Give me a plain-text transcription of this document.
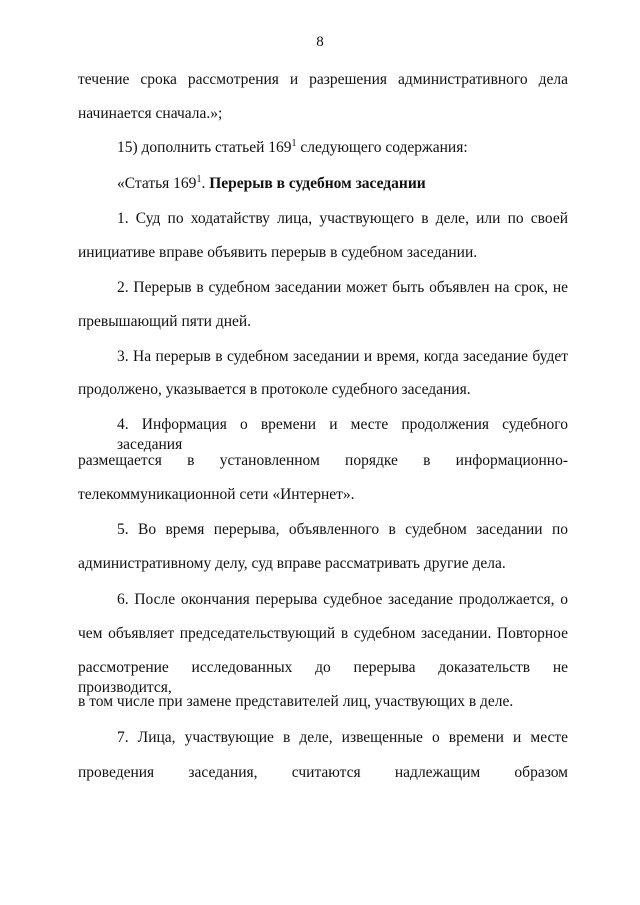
8
течение срока рассмотрения и разрешения административного дела
начинается сначала.»;
15) дополнить статьей $169^1$ следующего содержания:
«Статья $169^1$. Перерыв в судебном заседании
1. Суд по ходатайству лица, участвующего в деле, или по своей
инициативе вправе объявить перерыв в судебном заседании.
2. Перерыв в судебном заседании может быть объявлен на срок, не
превышающий пяти дней.
3. На перерыв в судебном заседании и время, когда заседание будет
продолжено, указывается в протоколе судебного заседания.
4. Информация о времени и месте продолжения судебного заседания
размещается в установленном порядке в информационно-
телекоммуникационной сети «Интернет».
5. Во время перерыва, объявленного в судебном заседании по
административному делу, суд вправе рассматривать другие дела.
6. После окончания перерыва судебное заседание продолжается, о
чем объявляет председательствующий в судебном заседании. Повторное
рассмотрение исследованных до перерыва доказательств не производится,
в том числе при замене представителей лиц, участвующих в деле.
7. Лица, участвующие в деле, извещенные о времени и месте
проведения заседания, считаются надлежащим образом
